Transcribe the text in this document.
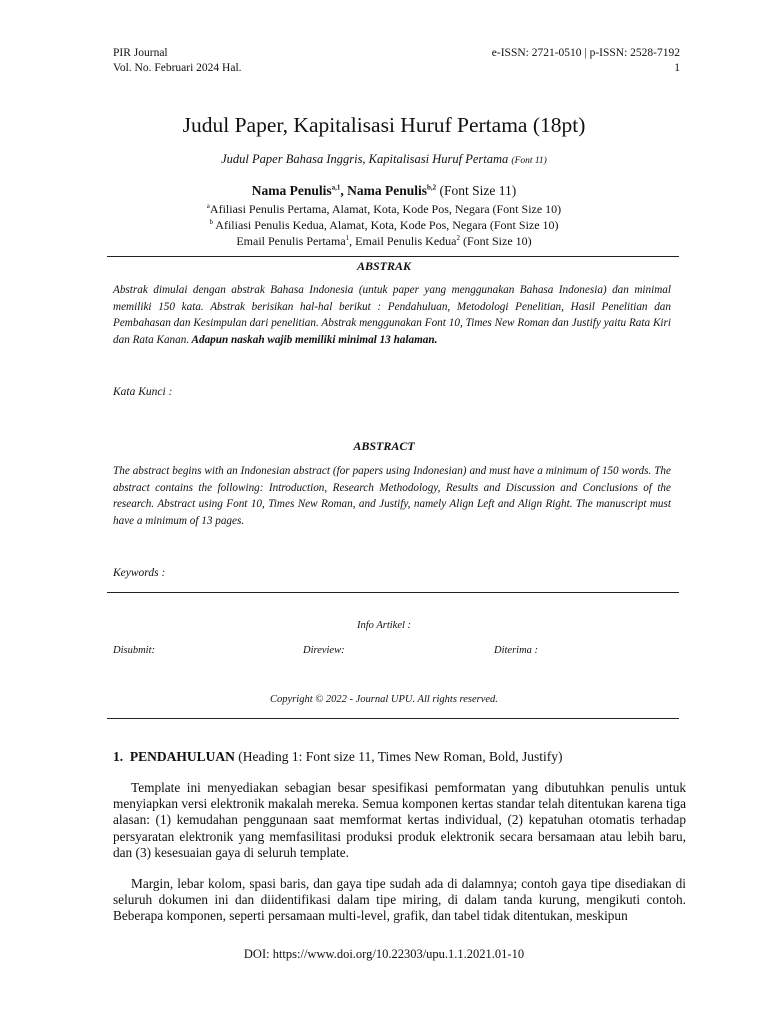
PIR Journal	e-ISSN: 2721-0510 | p-ISSN: 2528-7192
Vol. No. Februari 2024 Hal.	1
Judul Paper, Kapitalisasi Huruf Pertama (18pt)
Judul Paper Bahasa Inggris, Kapitalisasi Huruf Pertama (Font 11)
Nama Penulis$^{a,1}$, Nama Penulis$^{b,2}$ (Font Size 11)
$^a$Afiliasi Penulis Pertama, Alamat, Kota, Kode Pos, Negara (Font Size 10)
$^b$ Afiliasi Penulis Kedua, Alamat, Kota, Kode Pos, Negara (Font Size 10)
Email Penulis Pertama$^1$, Email Penulis Kedua$^2$ (Font Size 10)
ABSTRAK
Abstrak dimulai dengan abstrak Bahasa Indonesia (untuk paper yang menggunakan Bahasa Indonesia) dan minimal memiliki 150 kata. Abstrak berisikan hal-hal berikut : Pendahuluan, Metodologi Penelitian, Hasil Penelitian dan Pembahasan dan Kesimpulan dari penelitian. Abstrak menggunakan Font 10, Times New Roman dan Justify yaitu Rata Kiri dan Rata Kanan. Adapun naskah wajib memiliki minimal 13 halaman.
Kata Kunci :
ABSTRACT
The abstract begins with an Indonesian abstract (for papers using Indonesian) and must have a minimum of 150 words. The abstract contains the following: Introduction, Research Methodology, Results and Discussion and Conclusions of the research. Abstract using Font 10, Times New Roman, and Justify, namely Align Left and Align Right. The manuscript must have a minimum of 13 pages.
Keywords :
Info Artikel :
Disubmit:	Direview:	Diterima :
Copyright © 2022 - Journal UPU. All rights reserved.
1. PENDAHULUAN (Heading 1: Font size 11, Times New Roman, Bold, Justify)
Template ini menyediakan sebagian besar spesifikasi pemformatan yang dibutuhkan penulis untuk menyiapkan versi elektronik makalah mereka. Semua komponen kertas standar telah ditentukan karena tiga alasan: (1) kemudahan penggunaan saat memformat kertas individual, (2) kepatuhan otomatis terhadap persyaratan elektronik yang memfasilitasi produksi produk elektronik secara bersamaan atau lebih baru, dan (3) kesesuaian gaya di seluruh template.
Margin, lebar kolom, spasi baris, dan gaya tipe sudah ada di dalamnya; contoh gaya tipe disediakan di seluruh dokumen ini dan diidentifikasi dalam tipe miring, di dalam tanda kurung, mengikuti contoh. Beberapa komponen, seperti persamaan multi-level, grafik, dan tabel tidak ditentukan, meskipun
DOI: https://www.doi.org/10.22303/upu.1.1.2021.01-10
